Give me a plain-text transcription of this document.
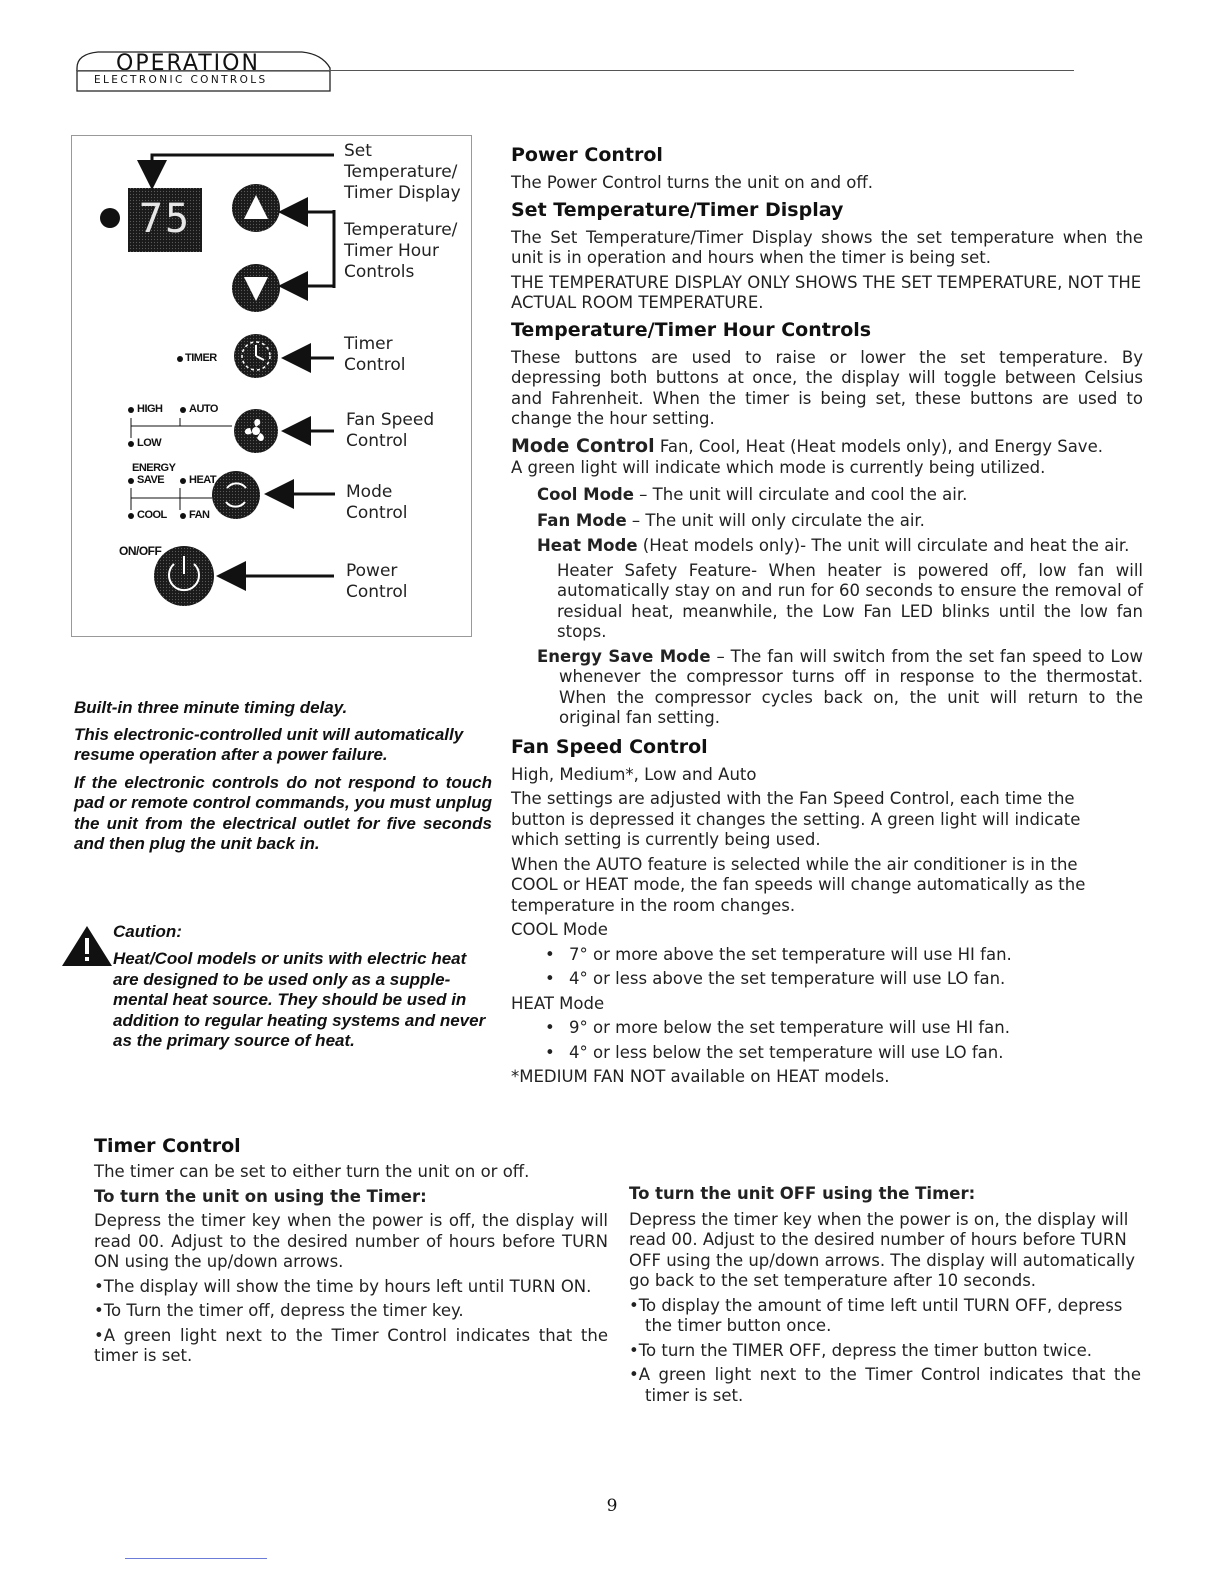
OPERATION
ELECTRONIC CONTROLS
75
Set
Temperature/
Timer Display
Temperature/
Timer Hour
Controls
Timer
Control
Fan Speed
Control
Mode
Control
Power
Control
TIMER
HIGH AUTO
LOW
ENERGY
SAVE HEAT
COOL FAN
ON/OFF

Built-in three minute timing delay.

This electronic-controlled unit will automatically resume operation after a power failure.

If the electronic controls do not respond to touch pad or remote control commands, you must unplug the unit from the electrical outlet for five seconds and then plug the unit back in.

Caution:

Heat/Cool models or units with electric heat are designed to be used only as a supple-mental heat source. They should be used in addition to regular heating systems and never as the primary source of heat.

Power Control

The Power Control turns the unit on and off.

Set Temperature/Timer Display

The Set Temperature/Timer Display shows the set temperature when the unit is in operation and hours when the timer is being set.

THE TEMPERATURE DISPLAY ONLY SHOWS THE SET TEMPERATURE, NOT THE ACTUAL ROOM TEMPERATURE.

Temperature/Timer Hour Controls

These buttons are used to raise or lower the set temperature. By depressing both buttons at once, the display will toggle between Celsius and Fahrenheit. When the timer is being set, these buttons are used to change the hour setting.

Mode Control Fan, Cool, Heat (Heat models only), and Energy Save.

A green light will indicate which mode is currently being utilized.

Cool Mode – The unit will circulate and cool the air.

Fan Mode – The unit will only circulate the air.

Heat Mode (Heat models only)- The unit will circulate and heat the air.

Heater Safety Feature- When heater is powered off, low fan will automatically stay on and run for 60 seconds to ensure the removal of residual heat, meanwhile, the Low Fan LED blinks until the low fan stops.

Energy Save Mode – The fan will switch from the set fan speed to Low whenever the compressor turns off in response to the thermostat. When the compressor cycles back on, the unit will return to the original fan setting.

Fan Speed Control

High, Medium*, Low and Auto

The settings are adjusted with the Fan Speed Control, each time the button is depressed it changes the setting. A green light will indicate which setting is currently being used.

When the AUTO feature is selected while the air conditioner is in the COOL or HEAT mode, the fan speeds will change automatically as the temperature in the room changes.

COOL Mode

• 7° or more above the set temperature will use HI fan.

• 4° or less above the set temperature will use LO fan.

HEAT Mode

• 9° or more below the set temperature will use HI fan.

• 4° or less below the set temperature will use LO fan.

*MEDIUM FAN NOT available on HEAT models.

Timer Control

The timer can be set to either turn the unit on or off.

To turn the unit on using the Timer:

Depress the timer key when the power is off, the display will read 00. Adjust to the desired number of hours before TURN ON using the up/down arrows.

•The display will show the time by hours left until TURN ON.

•To Turn the timer off, depress the timer key.

•A green light next to the Timer Control indicates that the timer is set.

To turn the unit OFF using the Timer:

Depress the timer key when the power is on, the display will read 00. Adjust to the desired number of hours before TURN OFF using the up/down arrows. The display will automatically go back to the set temperature after 10 seconds.

•To display the amount of time left until TURN OFF, depress the timer button once.

•To turn the TIMER OFF, depress the timer button twice.

•A green light next to the Timer Control indicates that the timer is set.

9
